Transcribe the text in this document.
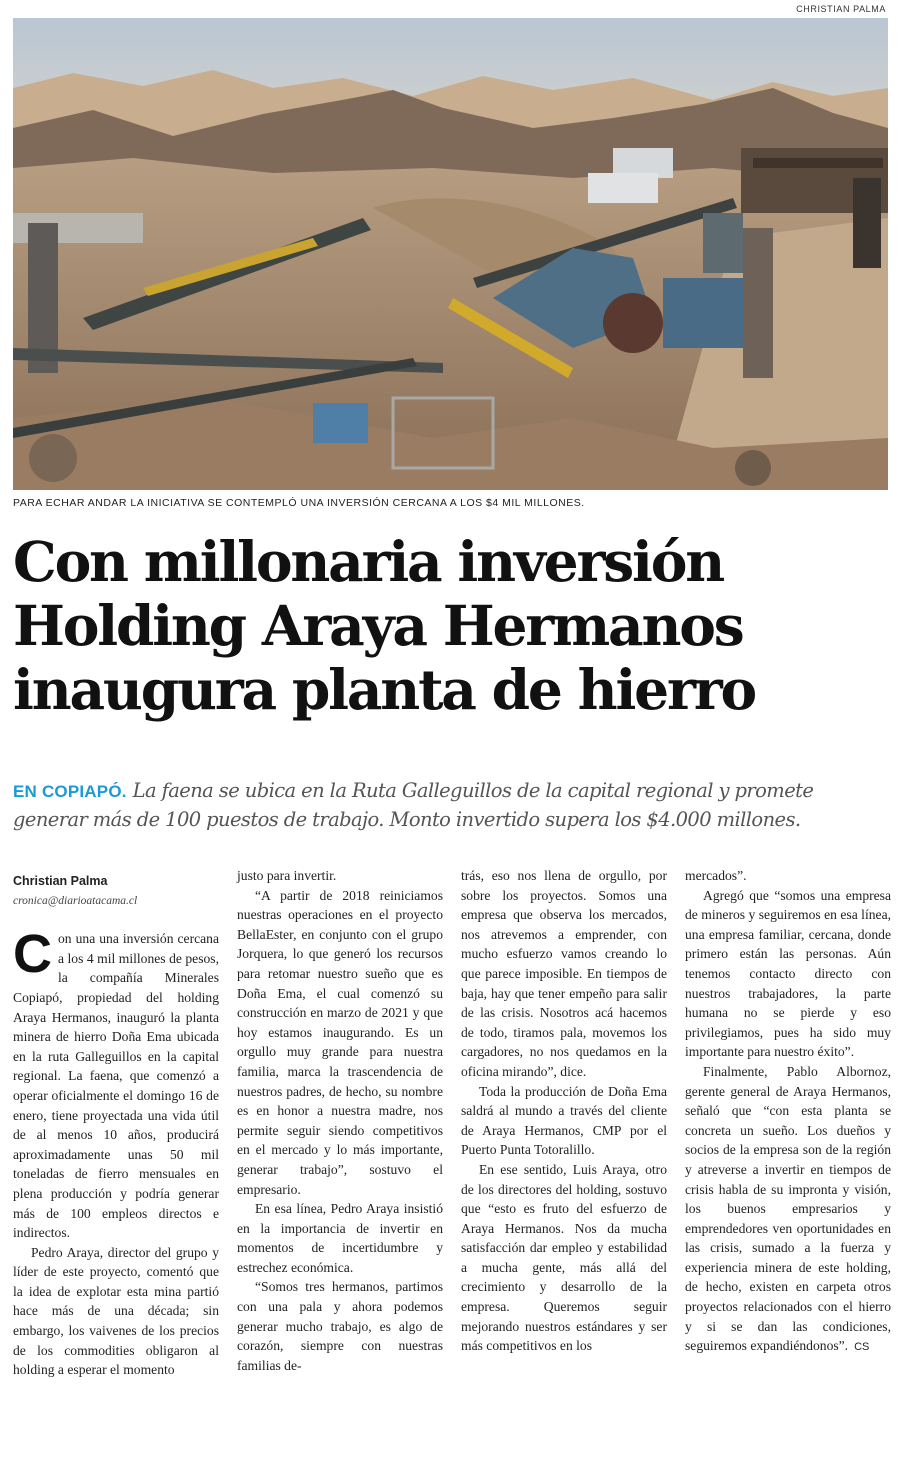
CHRISTIAN PALMA
PARA ECHAR ANDAR LA INICIATIVA SE CONTEMPLÓ UNA INVERSIÓN CERCANA A LOS $4 MIL MILLONES.
Con millonaria inversión
Holding Araya Hermanos
inaugura planta de hierro
EN COPIAPÓ. La faena se ubica en la Ruta Galleguillos de la capital regional y promete generar más de 100 puestos de trabajo. Monto invertido supera los $4.000 millones.
Christian Palma
cronica@diarioatacama.cl

Con una una inversión cercana a los 4 mil millones de pesos, la compañía Minerales Copiapó, propiedad del holding Araya Hermanos, inauguró la planta minera de hierro Doña Ema ubicada en la ruta Galleguillos en la capital regional. La faena, que comenzó a operar oficialmente el domingo 16 de enero, tiene proyectada una vida útil de al menos 10 años, producirá aproximadamente unas 50 mil toneladas de fierro mensuales en plena producción y podría generar más de 100 empleos directos e indirectos.

Pedro Araya, director del grupo y líder de este proyecto, comentó que la idea de explotar esta mina partió hace más de una década; sin embargo, los vaivenes de los precios de los commodities obligaron al holding a esperar el momento

justo para invertir.

“A partir de 2018 reiniciamos nuestras operaciones en el proyecto BellaEster, en conjunto con el grupo Jorquera, lo que generó los recursos para retomar nuestro sueño que es Doña Ema, el cual comenzó su construcción en marzo de 2021 y que hoy estamos inaugurando. Es un orgullo muy grande para nuestra familia, marca la trascendencia de nuestros padres, de hecho, su nombre es en honor a nuestra madre, nos permite seguir siendo competitivos en el mercado y lo más importante, generar trabajo”, sostuvo el empresario.

En esa línea, Pedro Araya insistió en la importancia de invertir en momentos de incertidumbre y estrechez económica.

“Somos tres hermanos, partimos con una pala y ahora podemos generar mucho trabajo, es algo de corazón, siempre con nuestras familias de-

trás, eso nos llena de orgullo, por sobre los proyectos. Somos una empresa que observa los mercados, nos atrevemos a emprender, con mucho esfuerzo vamos creando lo que parece imposible. En tiempos de baja, hay que tener empeño para salir de las crisis. Nosotros acá hacemos de todo, tiramos pala, movemos los cargadores, no nos quedamos en la oficina mirando”, dice.

Toda la producción de Doña Ema saldrá al mundo a través del cliente de Araya Hermanos, CMP por el Puerto Punta Totoralillo.

En ese sentido, Luis Araya, otro de los directores del holding, sostuvo que “esto es fruto del esfuerzo de Araya Hermanos. Nos da mucha satisfacción dar empleo y estabilidad a mucha gente, más allá del crecimiento y desarrollo de la empresa. Queremos seguir mejorando nuestros estándares y ser más competitivos en los

mercados”.

Agregó que “somos una empresa de mineros y seguiremos en esa línea, una empresa familiar, cercana, donde primero están las personas. Aún tenemos contacto directo con nuestros trabajadores, la parte humana no se pierde y eso privilegiamos, pues ha sido muy importante para nuestro éxito”.

Finalmente, Pablo Albornoz, gerente general de Araya Hermanos, señaló que “con esta planta se concreta un sueño. Los dueños y socios de la empresa son de la región y atreverse a invertir en tiempos de crisis habla de su impronta y visión, los buenos empresarios y emprendedores ven oportunidades en las crisis, sumado a la fuerza y experiencia minera de este holding, de hecho, existen en carpeta otros proyectos relacionados con el hierro y si se dan las condiciones, seguiremos expandiéndonos”. CS
